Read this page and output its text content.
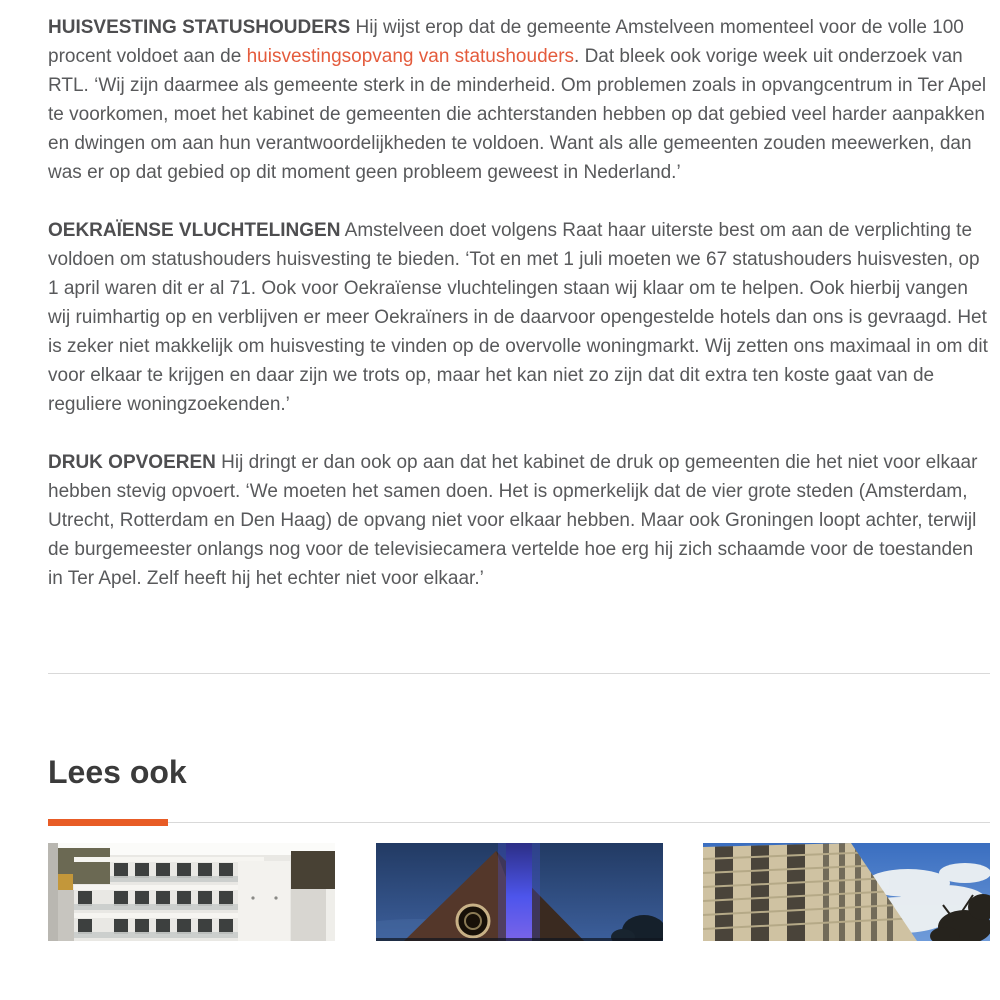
HUISVESTING STATUSHOUDERS Hij wijst erop dat de gemeente Amstelveen momenteel voor de volle 100 procent voldoet aan de huisvestingsopvang van statushouders. Dat bleek ook vorige week uit onderzoek van RTL. ‘Wij zijn daarmee als gemeente sterk in de minderheid. Om problemen zoals in opvangcentrum in Ter Apel te voorkomen, moet het kabinet de gemeenten die achterstanden hebben op dat gebied veel harder aanpakken en dwingen om aan hun verantwoordelijkheden te voldoen. Want als alle gemeenten zouden meewerken, dan was er op dat gebied op dit moment geen probleem geweest in Nederland.’

OEKRAÏENSE VLUCHTELINGEN Amstelveen doet volgens Raat haar uiterste best om aan de verplichting te voldoen om statushouders huisvesting te bieden. ‘Tot en met 1 juli moeten we 67 statushouders huisvesten, op 1 april waren dit er al 71. Ook voor Oekraïense vluchtelingen staan wij klaar om te helpen. Ook hierbij vangen wij ruimhartig op en verblijven er meer Oekraïners in de daarvoor opengestelde hotels dan ons is gevraagd. Het is zeker niet makkelijk om huisvesting te vinden op de overvolle woningmarkt. Wij zetten ons maximaal in om dit voor elkaar te krijgen en daar zijn we trots op, maar het kan niet zo zijn dat dit extra ten koste gaat van de reguliere woningzoekenden.’

DRUK OPVOEREN Hij dringt er dan ook op aan dat het kabinet de druk op gemeenten die het niet voor elkaar hebben stevig opvoert. ‘We moeten het samen doen. Het is opmerkelijk dat de vier grote steden (Amsterdam, Utrecht, Rotterdam en Den Haag) de opvang niet voor elkaar hebben. Maar ook Groningen loopt achter, terwijl de burgemeester onlangs nog voor de televisiecamera vertelde hoe erg hij zich schaamde voor de toestanden in Ter Apel. Zelf heeft hij het echter niet voor elkaar.’

Lees ook
